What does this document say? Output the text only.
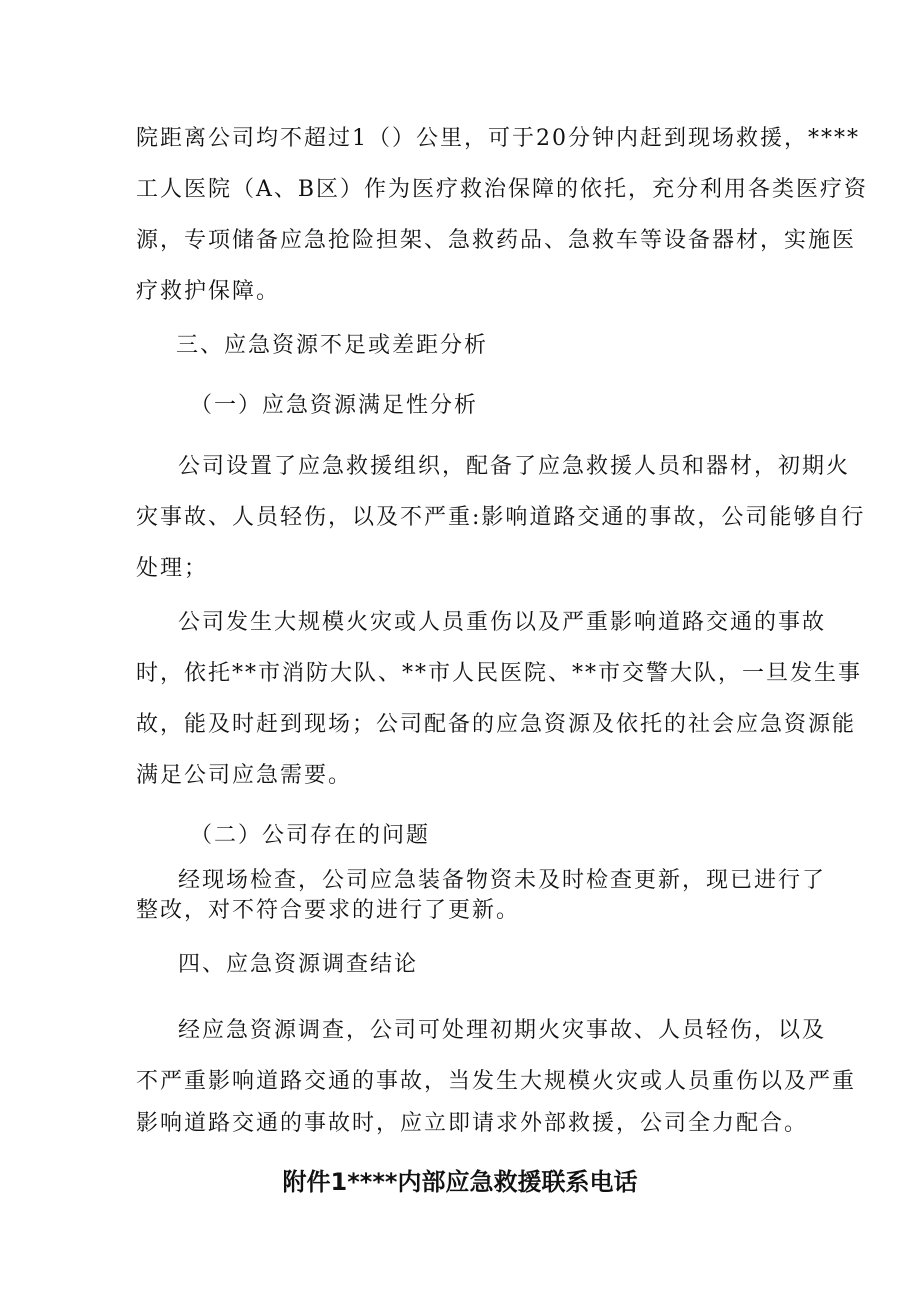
院距离公司均不超过1（）公里，可于20分钟内赶到现场救援，****
工人医院（A、B区）作为医疗救治保障的依托，充分利用各类医疗资
源，专项储备应急抢险担架、急救药品、急救车等设备器材，实施医
疗救护保障。
三、应急资源不足或差距分析
（一）应急资源满足性分析
公司设置了应急救援组织，配备了应急救援人员和器材，初期火
灾事故、人员轻伤，以及不严重:影响道路交通的事故，公司能够自行
处理；
公司发生大规模火灾或人员重伤以及严重影响道路交通的事故
时，依托**市消防大队、**市人民医院、**市交警大队，一旦发生事
故，能及时赶到现场；公司配备的应急资源及依托的社会应急资源能
满足公司应急需要。
（二）公司存在的问题
经现场检查，公司应急装备物资未及时检查更新，现已进行了
整改，对不符合要求的进行了更新。
四、应急资源调查结论
经应急资源调查，公司可处理初期火灾事故、人员轻伤，以及
不严重影响道路交通的事故，当发生大规模火灾或人员重伤以及严重
影响道路交通的事故时，应立即请求外部救援，公司全力配合。
附件1****内部应急救援联系电话
